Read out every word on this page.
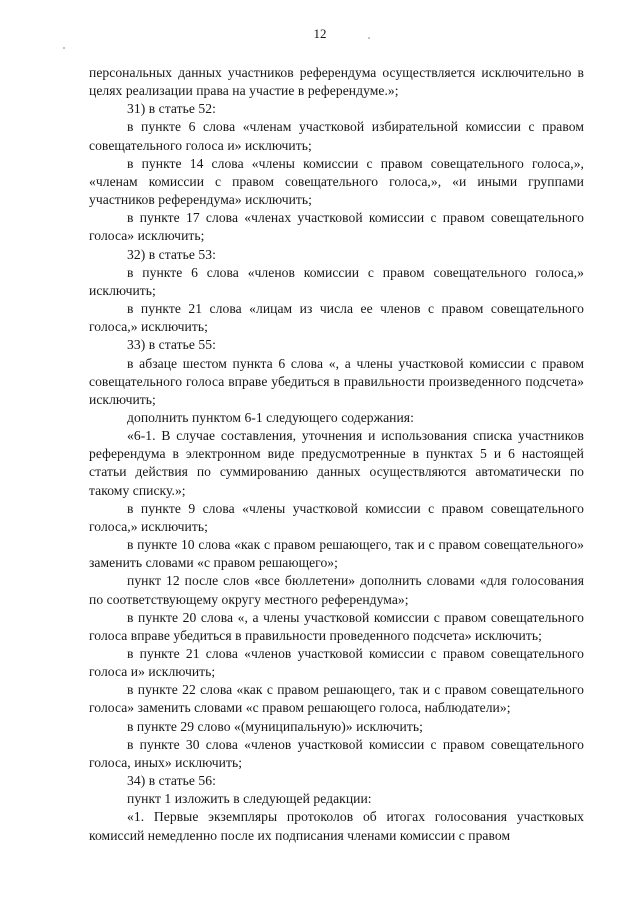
12

персональных данных участников референдума осуществляется исключительно в целях реализации права на участие в референдуме.»;

31) в статье 52:

в пункте 6 слова «членам участковой избирательной комиссии с правом совещательного голоса и» исключить;

в пункте 14 слова «члены комиссии с правом совещательного голоса,», «членам комиссии с правом совещательного голоса,», «и иными группами участников референдума» исключить;

в пункте 17 слова «членах участковой комиссии с правом совещательного голоса» исключить;

32) в статье 53:

в пункте 6 слова «членов комиссии с правом совещательного голоса,» исключить;

в пункте 21 слова «лицам из числа ее членов с правом совещательного голоса,» исключить;

33) в статье 55:

в абзаце шестом пункта 6 слова «, а члены участковой комиссии с правом совещательного голоса вправе убедиться в правильности произведенного подсчета» исключить;

дополнить пунктом 6-1 следующего содержания:

«6-1. В случае составления, уточнения и использования списка участников референдума в электронном виде предусмотренные в пунктах 5 и 6 настоящей статьи действия по суммированию данных осуществляются автоматически по такому списку.»;

в пункте 9 слова «члены участковой комиссии с правом совещательного голоса,» исключить;

в пункте 10 слова «как с правом решающего, так и с правом совещательного» заменить словами «с правом решающего»;

пункт 12 после слов «все бюллетени» дополнить словами «для голосования по соответствующему округу местного референдума»;

в пункте 20 слова «, а члены участковой комиссии с правом совещательного голоса вправе убедиться в правильности проведенного подсчета» исключить;

в пункте 21 слова «членов участковой комиссии с правом совещательного голоса и» исключить;

в пункте 22 слова «как с правом решающего, так и с правом совещательного голоса» заменить словами «с правом решающего голоса, наблюдатели»;

в пункте 29 слово «(муниципальную)» исключить;

в пункте 30 слова «членов участковой комиссии с правом совещательного голоса, иных» исключить;

34) в статье 56:

пункт 1 изложить в следующей редакции:

«1. Первые экземпляры протоколов об итогах голосования участковых комиссий немедленно после их подписания членами комиссии с правом
